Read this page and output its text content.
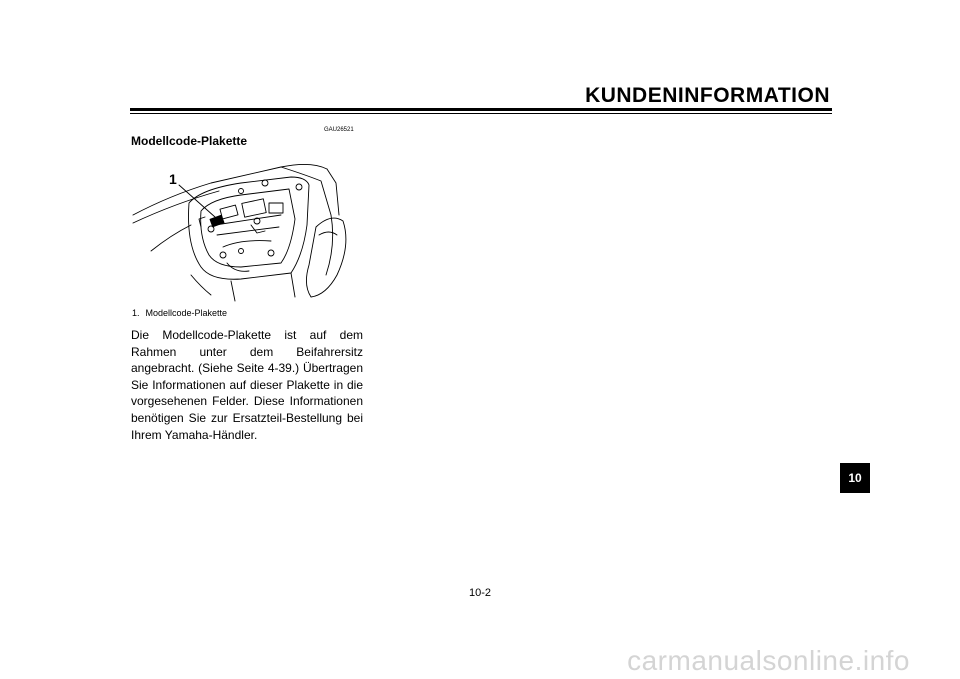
KUNDENINFORMATION
GAU26521
Modellcode-Plakette
1
1. Modellcode-Plakette
Die Modellcode-Plakette ist auf dem Rahmen unter dem Beifahrersitz angebracht. (Siehe Seite 4-39.) Übertragen Sie Informationen auf dieser Plakette in die vorgesehenen Felder. Diese Informationen benötigen Sie zur Ersatzteil-Bestellung bei Ihrem Yamaha-Händler.
10
10-2
carmanualsonline.info
